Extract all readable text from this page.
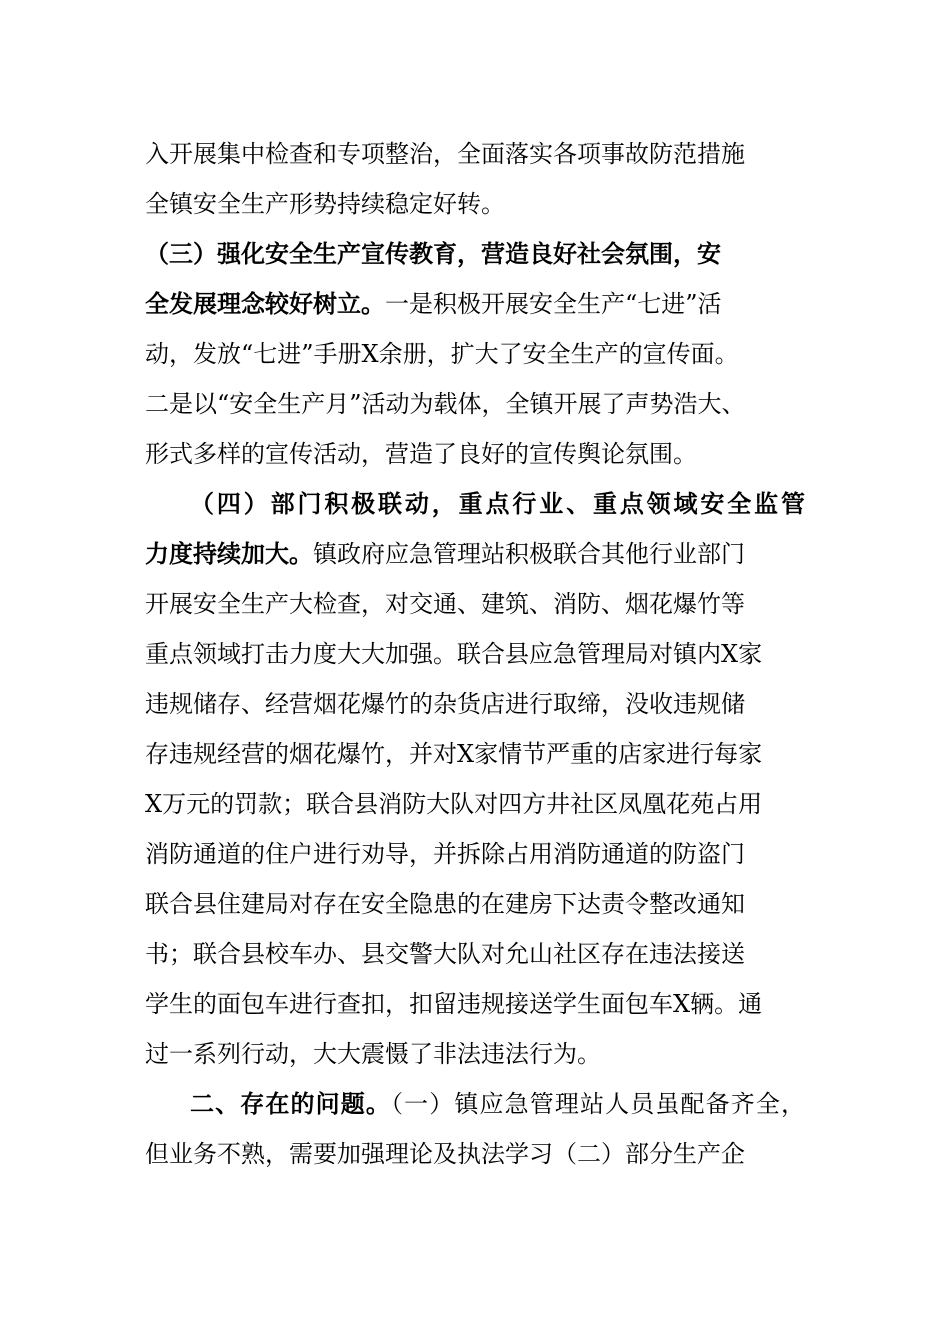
入开展集中检查和专项整治，全面落实各项事故防范措施
全镇安全生产形势持续稳定好转。
（三）强化安全生产宣传教育，营造良好社会氛围，安
全发展理念较好树立。一是积极开展安全生产“七进”活
动，发放“七进”手册X余册，扩大了安全生产的宣传面。
二是以“安全生产月”活动为载体，全镇开展了声势浩大、
形式多样的宣传活动，营造了良好的宣传舆论氛围。
（四）部门积极联动，重点行业、重点领域安全监管
力度持续加大。镇政府应急管理站积极联合其他行业部门
开展安全生产大检查，对交通、建筑、消防、烟花爆竹等
重点领域打击力度大大加强。联合县应急管理局对镇内X家
违规储存、经营烟花爆竹的杂货店进行取缔，没收违规储
存违规经营的烟花爆竹，并对X家情节严重的店家进行每家
X万元的罚款；联合县消防大队对四方井社区凤凰花苑占用
消防通道的住户进行劝导，并拆除占用消防通道的防盗门
联合县住建局对存在安全隐患的在建房下达责令整改通知
书；联合县校车办、县交警大队对允山社区存在违法接送
学生的面包车进行查扣，扣留违规接送学生面包车X辆。通
过一系列行动，大大震慑了非法违法行为。
二、存在的问题。（一）镇应急管理站人员虽配备齐全，
但业务不熟，需要加强理论及执法学习（二）部分生产企
